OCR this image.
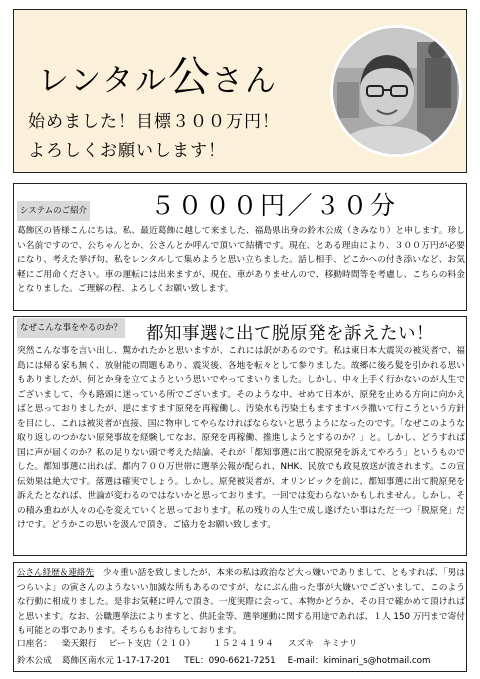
レンタル公さん
始めました！目標３００万円！
よろしくお願いします！
システムのご紹介	５０００円／３０分

葛飾区の皆様こんにちは。私、最近葛飾に越して来ました、福島県出身の鈴木公成（きみなり）と申します。珍しい名前ですので、公ちゃんとか、公さんとか呼んで頂いて結構です。現在、とある理由により、３００万円が必要になり、考えた挙げ句、私をレンタルして集めようと思い立ちました。話し相手、どこかへの付き添いなど、お気軽にご用命ください。車の運転には出来ますが、現在、車がありませんので、移動時間等を考慮し、こちらの料金となりました。ご理解の程、よろしくお願い致します。

なぜこんな事をやるのか？ 都知事選に出て脱原発を訴えたい！

突然こんな事を言い出し、驚かれたかと思いますが、これには訳があるのです。私は東日本大震災の被災者で、福島には帰る家も無く、放射能の問題もあり、震災後、各地を転々として参りました。故郷に後ろ髪を引かれる思いもありましたが、何とか身を立てようという思いでやってまいりました。しかし、中々上手く行かないのが人生でございまして、今も路頭に迷っている所でございます。そのような中、せめて日本が、原発を止める方向に向かえばと思っておりましたが、逆にますます原発を再稼働し、汚染水も汚染土もますますバラ撒いて行こうという方針を目にし、これは被災者が直接、国に物申してやらなければならないと思うようになったのです。「なぜこのような取り返しのつかない原発事故を経験してなお、原発を再稼働、推進しようとするのか？」と。しかし、どうすれば国に声が届くのか？私の足りない頭で考えた結論、それが「都知事選に出て脱原発を訴えてやろう」というものでした。都知事選に出れば、都内７００万世帯に選挙公報が配られ、NHK、民放でも政見放送が流されます。この宣伝効果は絶大です。落選は確実でしょう。しかし、原発被災者が、オリンピックを前に、都知事選に出て脱原発を訴えたとなれば、世論が変わるのではないかと思っております。一回では変わらないかもしれません。しかし、その積み重ねが人々の心を変えていくと思っております。私の残りの人生で成し遂げたい事はただ一つ「脱原発」だけです。どうかこの思いを汲んで頂き、ご協力をお願い致します。

公さん経歴＆連絡先　 少々重い話を致しましたが、本来の私は政治など大っ嫌いでありまして、ともすれば、「男はつらいよ」の寅さんのようないい加減な所もあるのですが、なにぶん曲った事が大嫌いでございまして、このような行動に相成りました。是非お気軽に呼んで頂き、一度実際に会って、本物かどうか、その目で確かめて頂ければと思います。なお、公職選挙法によりますと、供託金等、選挙運動に関する用途であれば、１人 150 万円まで寄付も可能との事であります。そちらもお待ちしております。

口座名： 楽天銀行 ビート支店（２１０） １５２４１９４ スズキ　キミナリ
鈴木公成 葛飾区南水元 1-17-17-201 TEL：090-6621-7251 E-mail：kiminari_s@hotmail.com
